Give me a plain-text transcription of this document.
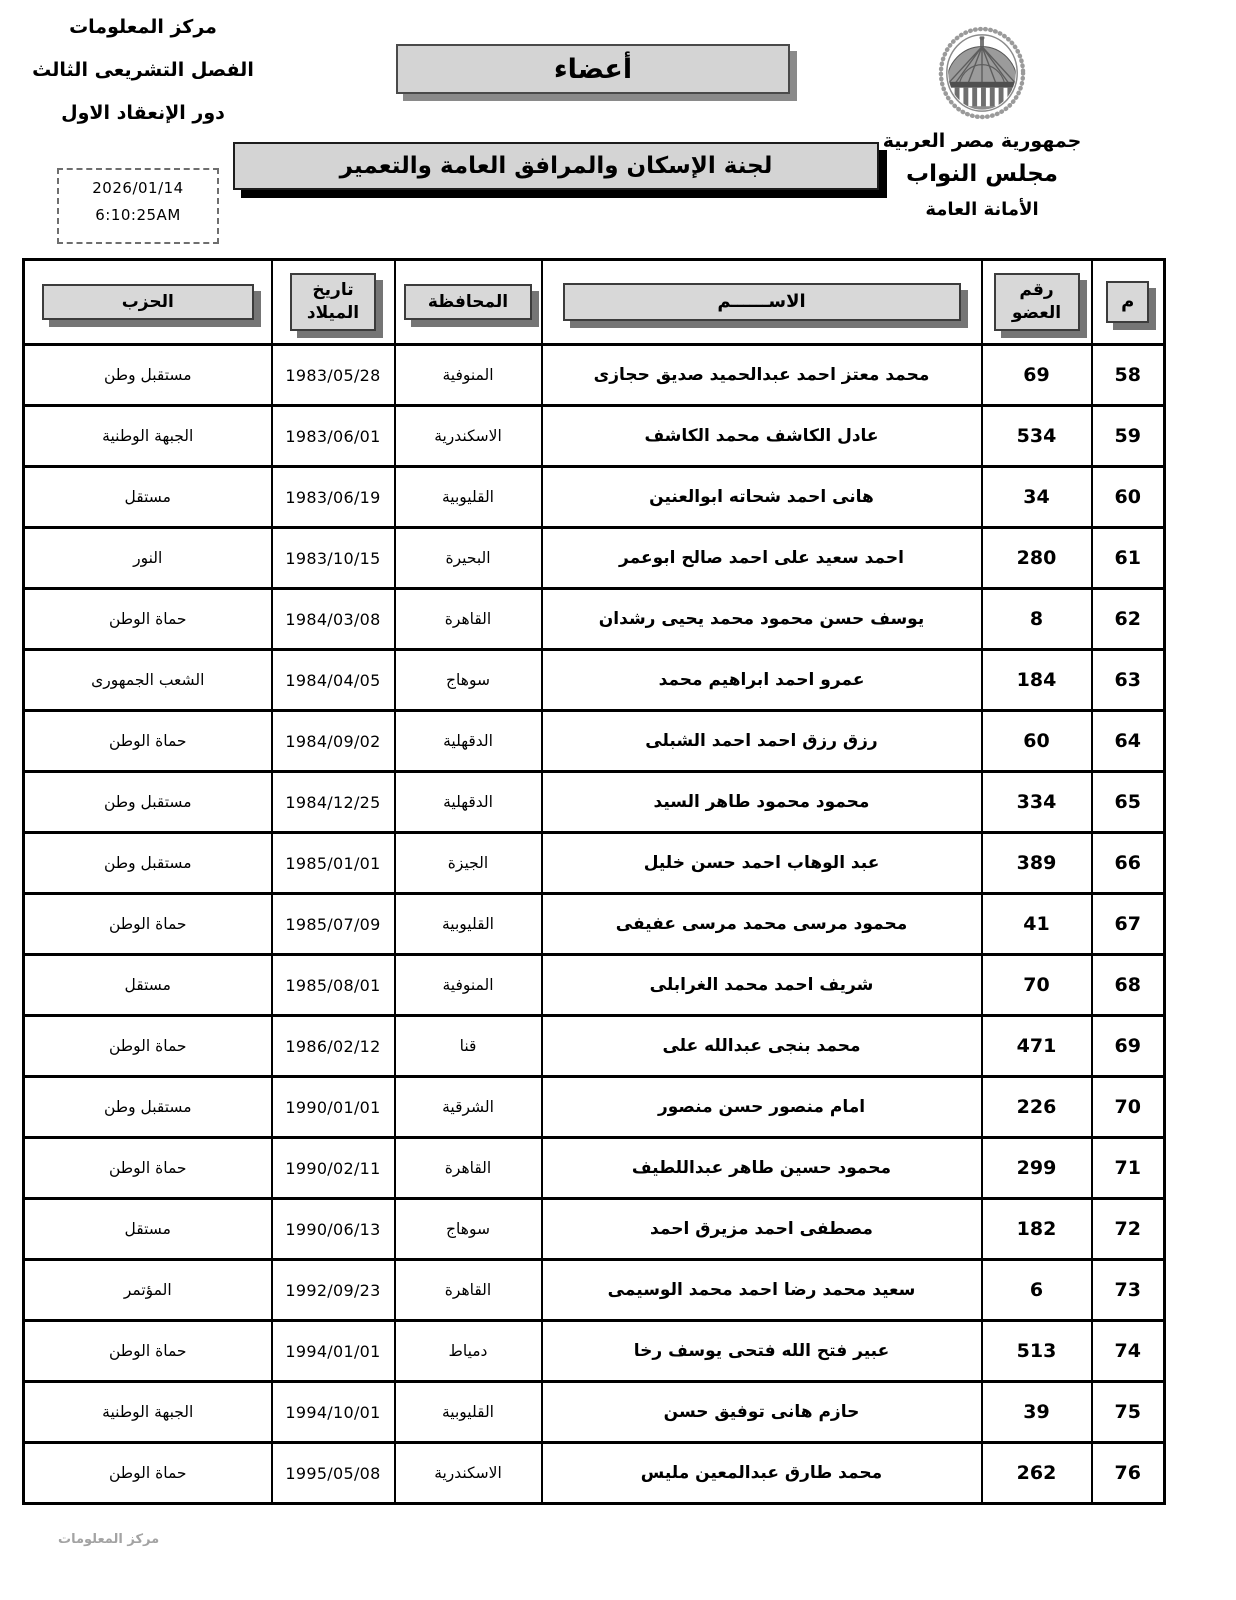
مركز المعلومات
الفصل التشريعى الثالث
دور الإنعقاد الاول
2026/01/14
6:10:25AM
أعضاء
لجنة الإسكان والمرافق العامة والتعمير
جمهورية مصر العربية
مجلس النواب
الأمانة العامة
م	رقم العضو	الاســــــم	المحافظة	تاريخ الميلاد	الحزب
58	69	محمد معتز احمد عبدالحميد صديق حجازى	المنوفية	1983/05/28	مستقبل وطن
59	534	عادل الكاشف محمد الكاشف	الاسكندرية	1983/06/01	الجبهة الوطنية
60	34	هانى احمد شحاته ابوالعنين	القليوبية	1983/06/19	مستقل
61	280	احمد سعيد على احمد صالح ابوعمر	البحيرة	1983/10/15	النور
62	8	يوسف حسن محمود محمد يحيى رشدان	القاهرة	1984/03/08	حماة الوطن
63	184	عمرو احمد ابراهيم محمد	سوهاج	1984/04/05	الشعب الجمهورى
64	60	رزق رزق احمد احمد الشبلى	الدقهلية	1984/09/02	حماة الوطن
65	334	محمود محمود طاهر السيد	الدقهلية	1984/12/25	مستقبل وطن
66	389	عبد الوهاب احمد حسن خليل	الجيزة	1985/01/01	مستقبل وطن
67	41	محمود مرسى محمد مرسى عفيفى	القليوبية	1985/07/09	حماة الوطن
68	70	شريف احمد محمد الغرابلى	المنوفية	1985/08/01	مستقل
69	471	محمد بنجى عبدالله على	قنا	1986/02/12	حماة الوطن
70	226	امام منصور حسن منصور	الشرقية	1990/01/01	مستقبل وطن
71	299	محمود حسين طاهر عبداللطيف	القاهرة	1990/02/11	حماة الوطن
72	182	مصطفى احمد مزيرق احمد	سوهاج	1990/06/13	مستقل
73	6	سعيد محمد رضا احمد محمد الوسيمى	القاهرة	1992/09/23	المؤتمر
74	513	عبير فتح الله فتحى يوسف رخا	دمياط	1994/01/01	حماة الوطن
75	39	حازم هانى توفيق حسن	القليوبية	1994/10/01	الجبهة الوطنية
76	262	محمد طارق عبدالمعين مليس	الاسكندرية	1995/05/08	حماة الوطن
مركز المعلومات
